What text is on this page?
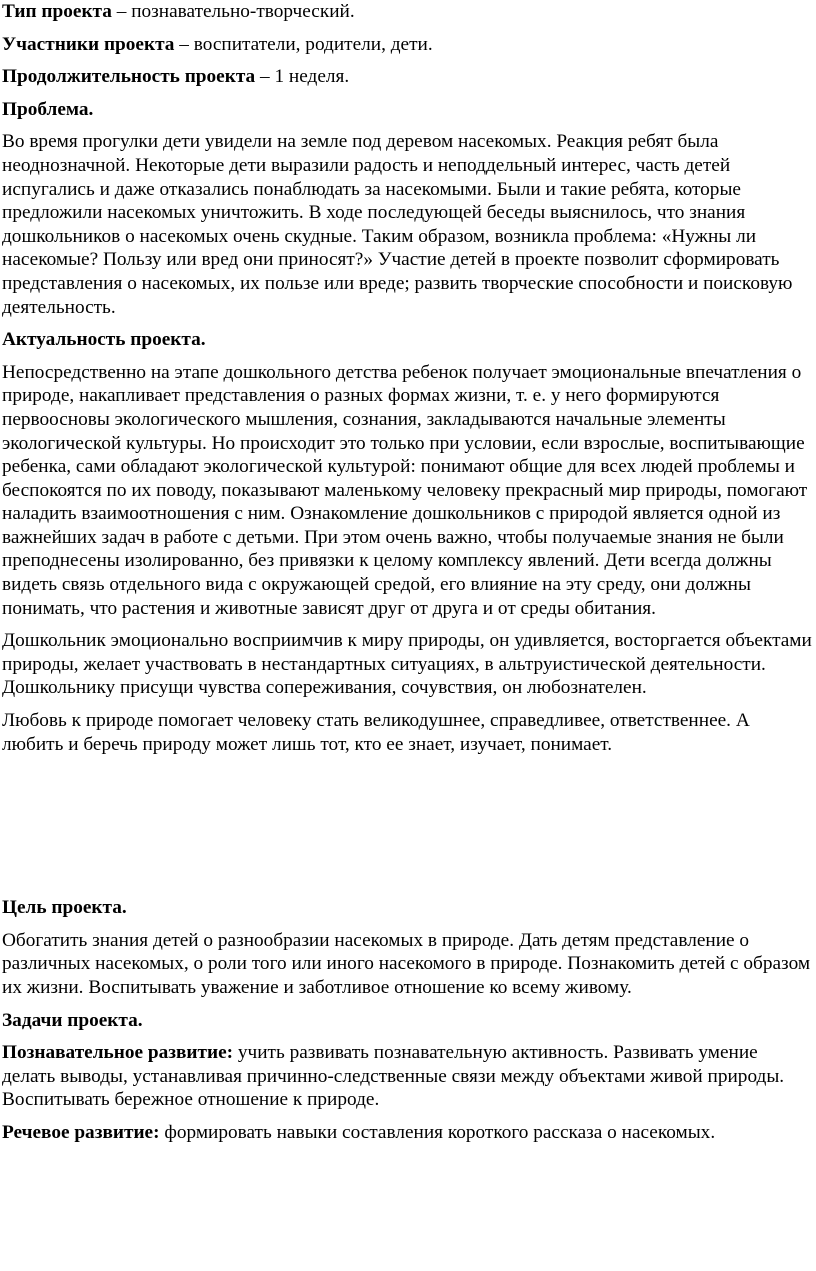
Тип проекта – познавательно-творческий.

Участники проекта – воспитатели, родители, дети.

Продолжительность проекта – 1 неделя.

Проблема.

Во время прогулки дети увидели на земле под деревом насекомых. Реакция ребят была неоднозначной. Некоторые дети выразили радость и неподдельный интерес, часть детей испугались и даже отказались понаблюдать за насекомыми. Были и такие ребята, которые предложили насекомых уничтожить. В ходе последующей беседы выяснилось, что знания дошкольников о насекомых очень скудные. Таким образом, возникла проблема: «Нужны ли насекомые? Пользу или вред они приносят?» Участие детей в проекте позволит сформировать представления о насекомых, их пользе или вреде; развить творческие способности и поисковую деятельность.

Актуальность проекта.

Непосредственно на этапе дошкольного детства ребенок получает эмоциональные впечатления о природе, накапливает представления о разных формах жизни, т. е. у него формируются первоосновы экологического мышления, сознания, закладываются начальные элементы экологической культуры. Но происходит это только при условии, если взрослые, воспитывающие ребенка, сами обладают экологической культурой: понимают общие для всех людей проблемы и беспокоятся по их поводу, показывают маленькому человеку прекрасный мир природы, помогают наладить взаимоотношения с ним. Ознакомление дошкольников с природой является одной из важнейших задач в работе с детьми. При этом очень важно, чтобы получаемые знания не были преподнесены изолированно, без привязки к целому комплексу явлений. Дети всегда должны видеть связь отдельного вида с окружающей средой, его влияние на эту среду, они должны понимать, что растения и животные зависят друг от друга и от среды обитания.

Дошкольник эмоционально восприимчив к миру природы, он удивляется, восторгается объектами природы, желает участвовать в нестандартных ситуациях, в альтруистической деятельности. Дошкольнику присущи чувства сопереживания, сочувствия, он любознателен.

Любовь к природе помогает человеку стать великодушнее, справедливее, ответственнее. А любить и беречь природу может лишь тот, кто ее знает, изучает, понимает.

Цель проекта.

Обогатить знания детей о разнообразии насекомых в природе. Дать детям представление о различных насекомых, о роли того или иного насекомого в природе. Познакомить детей с образом их жизни. Воспитывать уважение и заботливое отношение ко всему живому.

Задачи проекта.

Познавательное развитие: учить развивать познавательную активность. Развивать умение делать выводы, устанавливая причинно-следственные связи между объектами живой природы. Воспитывать бережное отношение к природе.

Речевое развитие: формировать навыки составления короткого рассказа о насекомых.
